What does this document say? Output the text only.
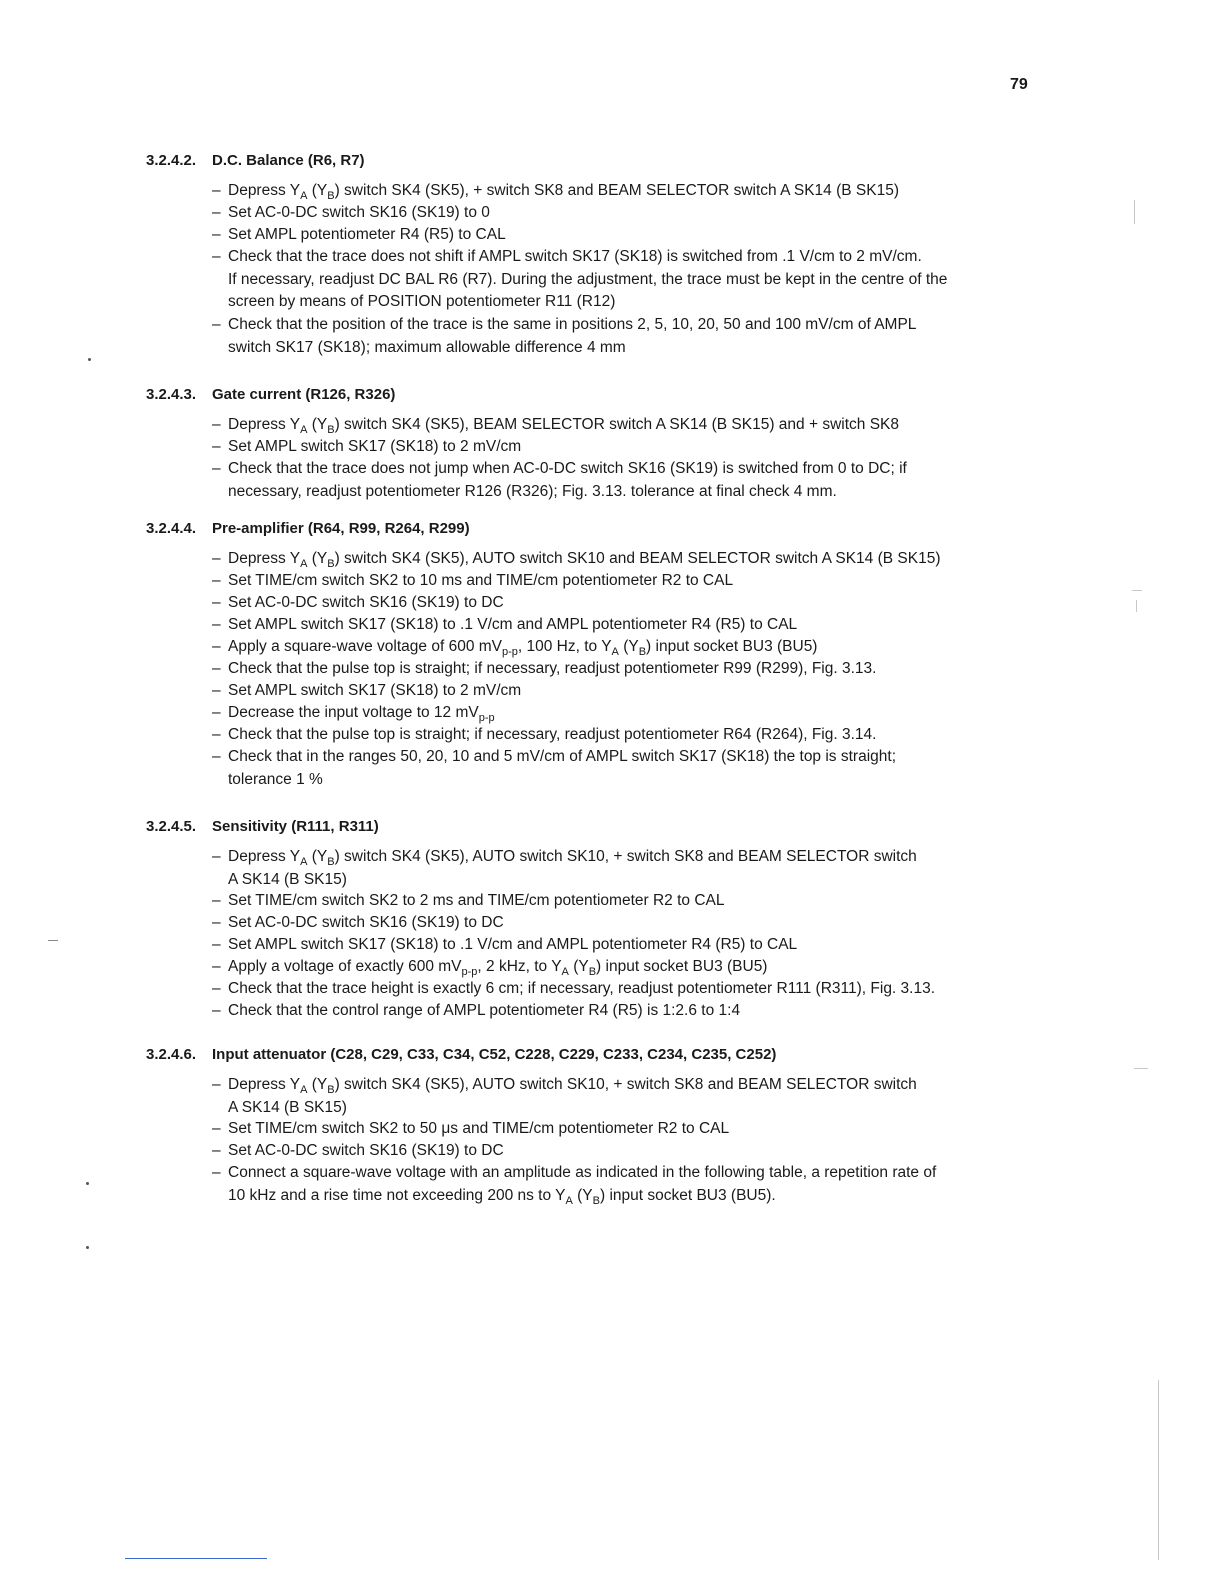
79
3.2.4.2. D.C. Balance (R6, R7)
– Depress $Y_A$ $(Y_B)$ switch SK4 (SK5), + switch SK8 and BEAM SELECTOR switch A SK14 (B SK15)
– Set AC-0-DC switch SK16 (SK19) to 0
– Set AMPL potentiometer R4 (R5) to CAL
– Check that the trace does not shift if AMPL switch SK17 (SK18) is switched from .1 V/cm to 2 mV/cm.
If necessary, readjust DC BAL R6 (R7). During the adjustment, the trace must be kept in the centre of the
screen by means of POSITION potentiometer R11 (R12)
– Check that the position of the trace is the same in positions 2, 5, 10, 20, 50 and 100 mV/cm of AMPL
switch SK17 (SK18); maximum allowable difference 4 mm
3.2.4.3. Gate current (R126, R326)
– Depress $Y_A$ $(Y_B)$ switch SK4 (SK5), BEAM SELECTOR switch A SK14 (B SK15) and + switch SK8
– Set AMPL switch SK17 (SK18) to 2 mV/cm
– Check that the trace does not jump when AC-0-DC switch SK16 (SK19) is switched from 0 to DC; if
necessary, readjust potentiometer R126 (R326); Fig. 3.13. tolerance at final check 4 mm.
3.2.4.4. Pre-amplifier (R64, R99, R264, R299)
– Depress $Y_A$ $(Y_B)$ switch SK4 (SK5), AUTO switch SK10 and BEAM SELECTOR switch A SK14 (B SK15)
– Set TIME/cm switch SK2 to 10 ms and TIME/cm potentiometer R2 to CAL
– Set AC-0-DC switch SK16 (SK19) to DC
– Set AMPL switch SK17 (SK18) to .1 V/cm and AMPL potentiometer R4 (R5) to CAL
– Apply a square-wave voltage of 600 $mV_{p-p}$, 100 Hz, to $Y_A$ $(Y_B)$ input socket BU3 (BU5)
– Check that the pulse top is straight; if necessary, readjust potentiometer R99 (R299), Fig. 3.13.
– Set AMPL switch SK17 (SK18) to 2 mV/cm
– Decrease the input voltage to 12 $mV_{p-p}$
– Check that the pulse top is straight; if necessary, readjust potentiometer R64 (R264), Fig. 3.14.
– Check that in the ranges 50, 20, 10 and 5 mV/cm of AMPL switch SK17 (SK18) the top is straight;
tolerance 1 %
3.2.4.5. Sensitivity (R111, R311)
– Depress $Y_A$ $(Y_B)$ switch SK4 (SK5), AUTO switch SK10, + switch SK8 and BEAM SELECTOR switch
A SK14 (B SK15)
– Set TIME/cm switch SK2 to 2 ms and TIME/cm potentiometer R2 to CAL
– Set AC-0-DC switch SK16 (SK19) to DC
– Set AMPL switch SK17 (SK18) to .1 V/cm and AMPL potentiometer R4 (R5) to CAL
– Apply a voltage of exactly 600 $mV_{p-p}$, 2 kHz, to $Y_A$ $(Y_B)$ input socket BU3 (BU5)
– Check that the trace height is exactly 6 cm; if necessary, readjust potentiometer R111 (R311), Fig. 3.13.
– Check that the control range of AMPL potentiometer R4 (R5) is 1:2.6 to 1:4
3.2.4.6. Input attenuator (C28, C29, C33, C34, C52, C228, C229, C233, C234, C235, C252)
– Depress $Y_A$ $(Y_B)$ switch SK4 (SK5), AUTO switch SK10, + switch SK8 and BEAM SELECTOR switch
A SK14 (B SK15)
– Set TIME/cm switch SK2 to 50 μs and TIME/cm potentiometer R2 to CAL
– Set AC-0-DC switch SK16 (SK19) to DC
– Connect a square-wave voltage with an amplitude as indicated in the following table, a repetition rate of
10 kHz and a rise time not exceeding 200 ns to $Y_A$ $(Y_B)$ input socket BU3 (BU5).
